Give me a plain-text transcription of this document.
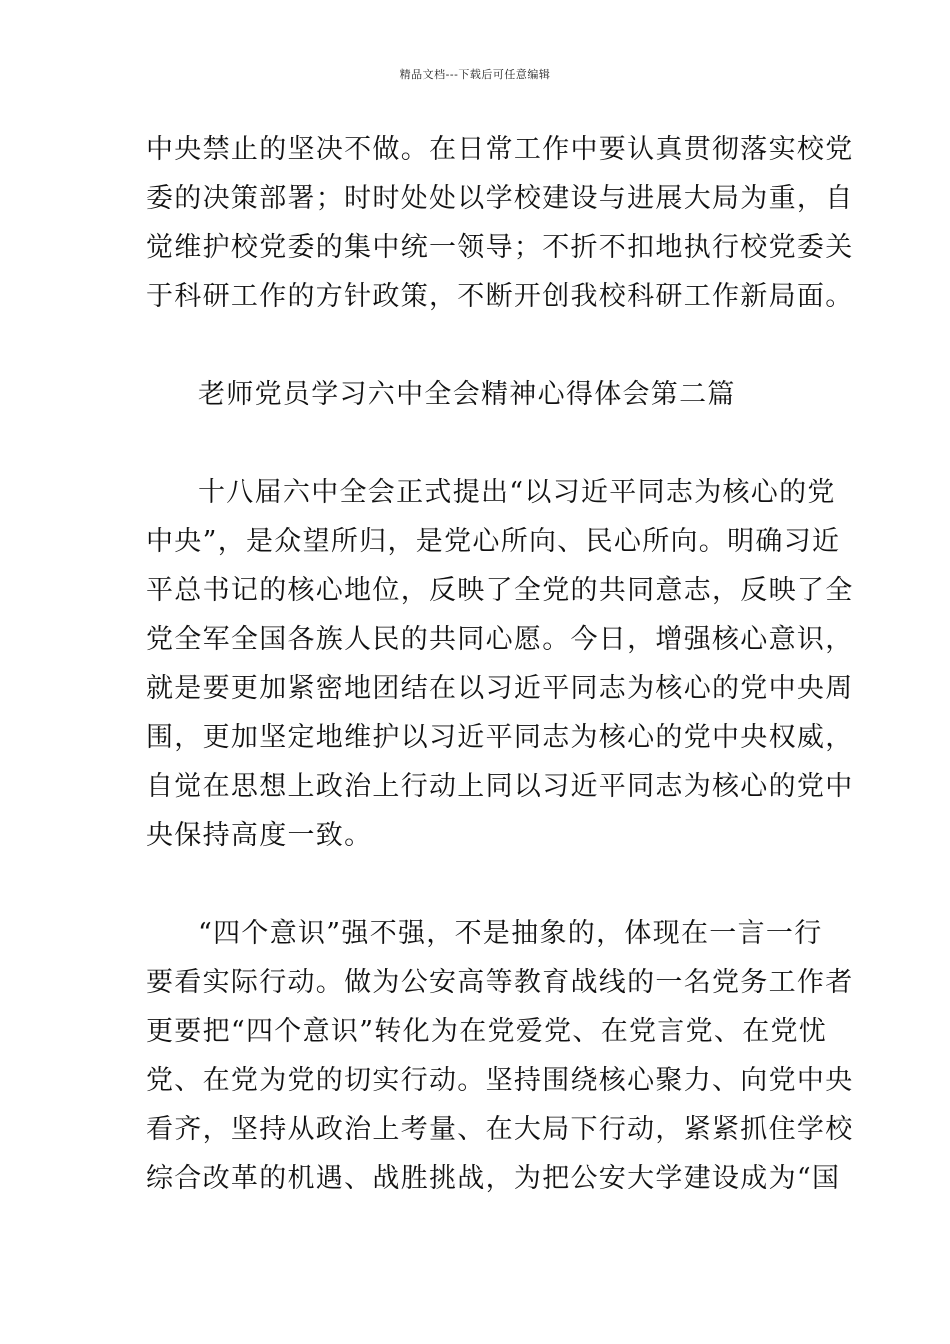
精品文档---下载后可任意编辑
中央禁止的坚决不做。在日常工作中要认真贯彻落实校党
委的决策部署；时时处处以学校建设与进展大局为重，自
觉维护校党委的集中统一领导；不折不扣地执行校党委关
于科研工作的方针政策，不断开创我校科研工作新局面。
老师党员学习六中全会精神心得体会第二篇
十八届六中全会正式提出“以习近平同志为核心的党
中央”，是众望所归，是党心所向、民心所向。明确习近
平总书记的核心地位，反映了全党的共同意志，反映了全
党全军全国各族人民的共同心愿。今日，增强核心意识，
就是要更加紧密地团结在以习近平同志为核心的党中央周
围，更加坚定地维护以习近平同志为核心的党中央权威，
自觉在思想上政治上行动上同以习近平同志为核心的党中
央保持高度一致。
“四个意识”强不强，不是抽象的，体现在一言一行
要看实际行动。做为公安高等教育战线的一名党务工作者
更要把“四个意识”转化为在党爱党、在党言党、在党忧
党、在党为党的切实行动。坚持围绕核心聚力、向党中央
看齐，坚持从政治上考量、在大局下行动，紧紧抓住学校
综合改革的机遇、战胜挑战，为把公安大学建设成为“国
